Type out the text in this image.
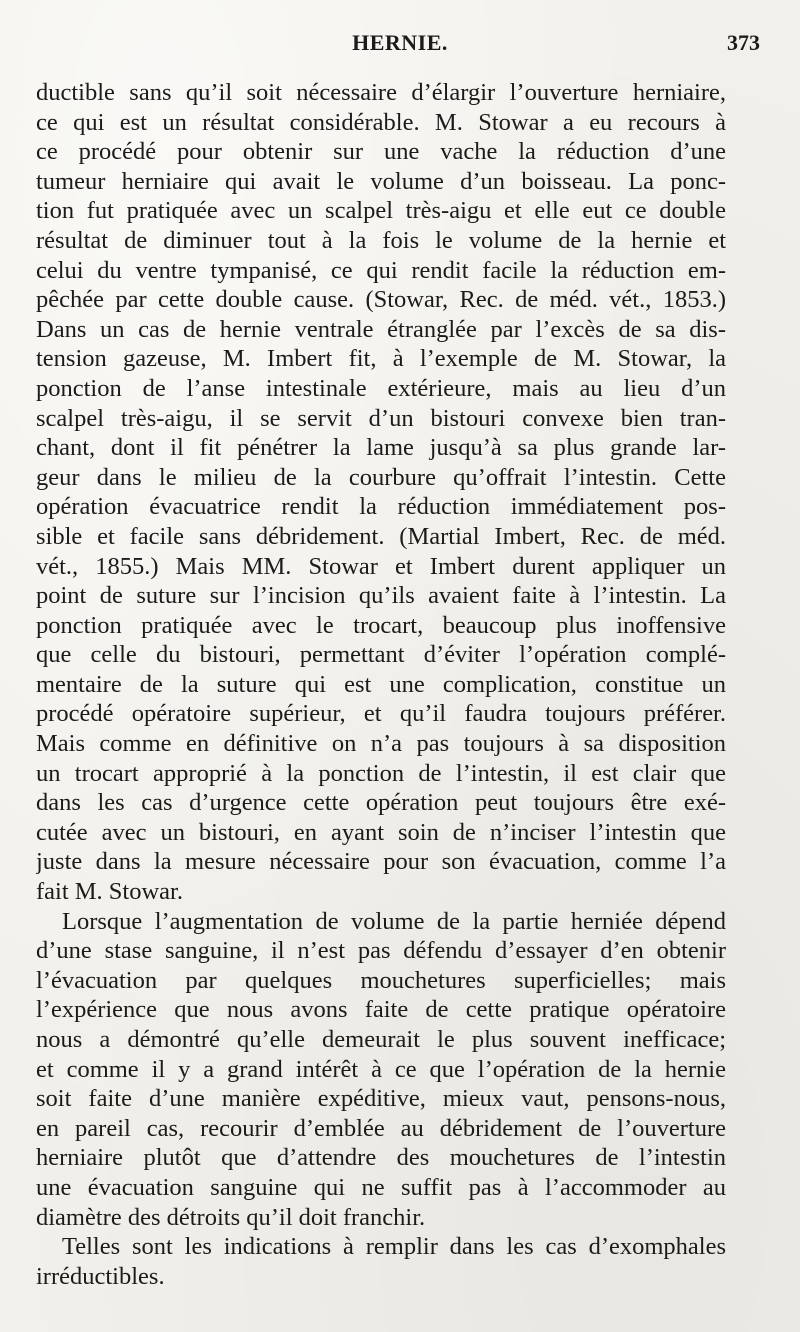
HERNIE.	373
ductible sans qu’il soit nécessaire d’élargir l’ouverture herniaire,
ce qui est un résultat considérable. M. Stowar a eu recours à
ce procédé pour obtenir sur une vache la réduction d’une
tumeur herniaire qui avait le volume d’un boisseau. La ponc-
tion fut pratiquée avec un scalpel très-aigu et elle eut ce double
résultat de diminuer tout à la fois le volume de la hernie et
celui du ventre tympanisé, ce qui rendit facile la réduction em-
pêchée par cette double cause. (Stowar, Rec. de méd. vét., 1853.)
Dans un cas de hernie ventrale étranglée par l’excès de sa dis-
tension gazeuse, M. Imbert fit, à l’exemple de M. Stowar, la
ponction de l’anse intestinale extérieure, mais au lieu d’un
scalpel très-aigu, il se servit d’un bistouri convexe bien tran-
chant, dont il fit pénétrer la lame jusqu’à sa plus grande lar-
geur dans le milieu de la courbure qu’offrait l’intestin. Cette
opération évacuatrice rendit la réduction immédiatement pos-
sible et facile sans débridement. (Martial Imbert, Rec. de méd.
vét., 1855.) Mais MM. Stowar et Imbert durent appliquer un
point de suture sur l’incision qu’ils avaient faite à l’intestin. La
ponction pratiquée avec le trocart, beaucoup plus inoffensive
que celle du bistouri, permettant d’éviter l’opération complé-
mentaire de la suture qui est une complication, constitue un
procédé opératoire supérieur, et qu’il faudra toujours préférer.
Mais comme en définitive on n’a pas toujours à sa disposition
un trocart approprié à la ponction de l’intestin, il est clair que
dans les cas d’urgence cette opération peut toujours être exé-
cutée avec un bistouri, en ayant soin de n’inciser l’intestin que
juste dans la mesure nécessaire pour son évacuation, comme l’a
fait M. Stowar.
Lorsque l’augmentation de volume de la partie herniée dépend
d’une stase sanguine, il n’est pas défendu d’essayer d’en obtenir
l’évacuation par quelques mouchetures superficielles; mais
l’expérience que nous avons faite de cette pratique opératoire
nous a démontré qu’elle demeurait le plus souvent inefficace;
et comme il y a grand intérêt à ce que l’opération de la hernie
soit faite d’une manière expéditive, mieux vaut, pensons-nous,
en pareil cas, recourir d’emblée au débridement de l’ouverture
herniaire plutôt que d’attendre des mouchetures de l’intestin
une évacuation sanguine qui ne suffit pas à l’accommoder au
diamètre des détroits qu’il doit franchir.
Telles sont les indications à remplir dans les cas d’exomphales
irréductibles.
